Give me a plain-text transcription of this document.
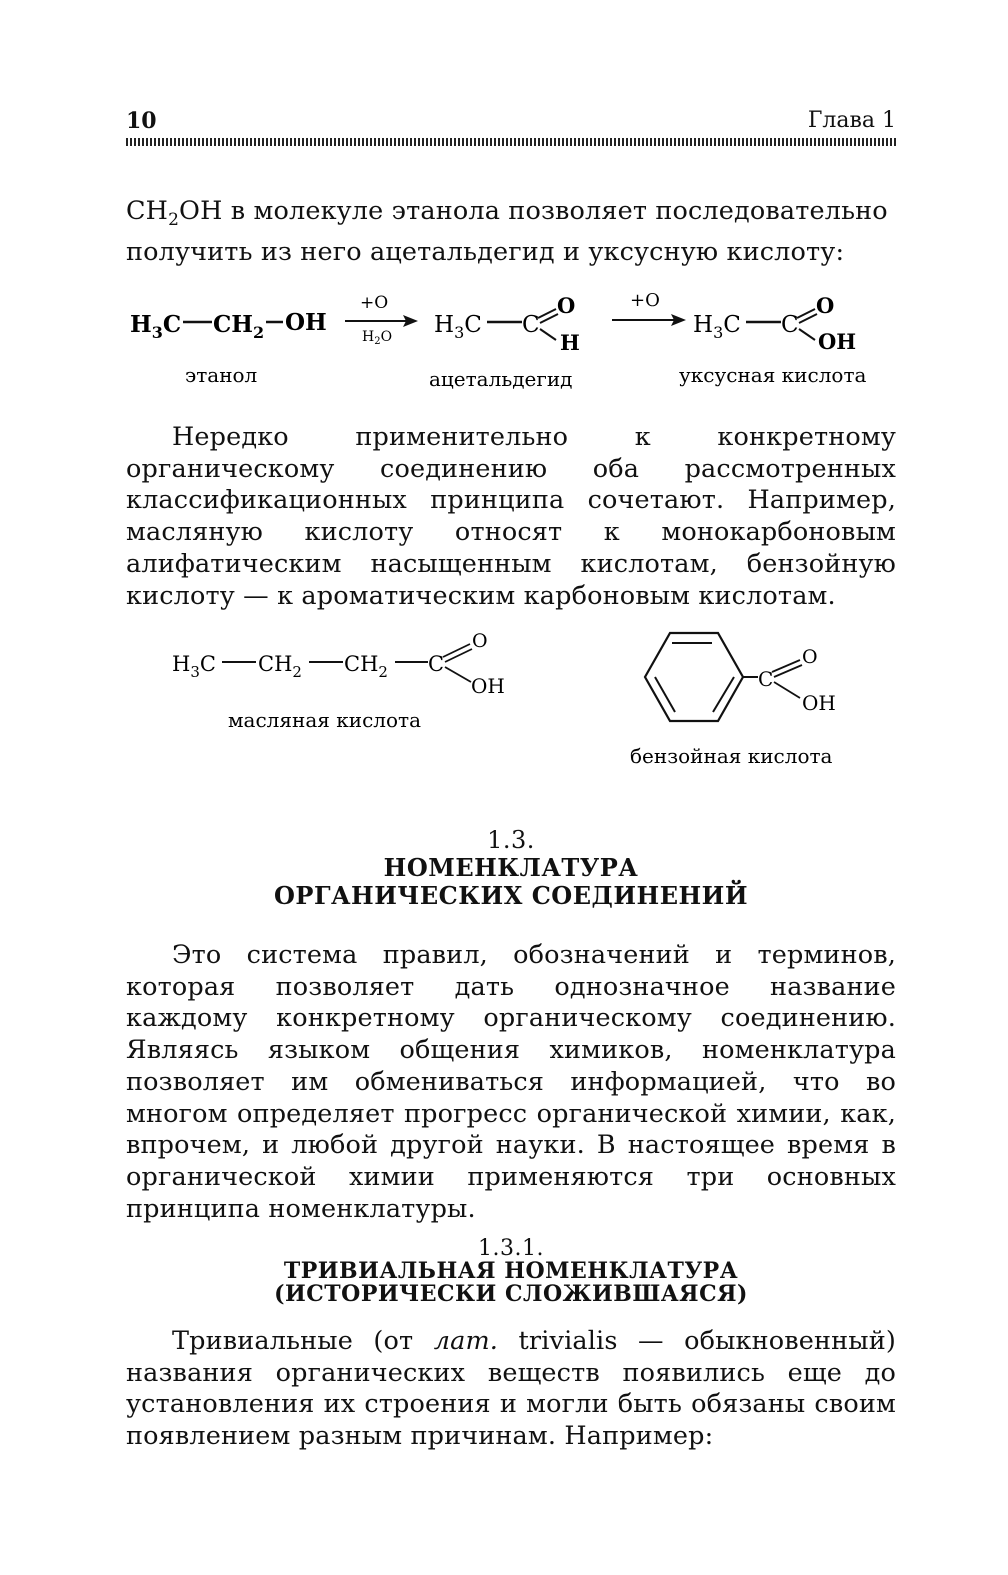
10	Глава 1

$CH_2OH$ в молекуле этанола позволяет последовательно

получить из него ацетальдегид и уксусную кислоту:

$H_3C$ $CH_2$ OH
+O
$H_2O$ $H_3C$ C
O
H
+O
$H_3C$ C
O
OH
этанол	ацетальдегид	уксусная кислота
$H_3C$ $CH_2$ $CH_2$ C
O
OH
масляная кислота
C
O
OH
бензойная кислота
Нередко применительно к конкретному органическому соединению оба рассмотренных классификационных принципа сочетают. Например, масляную кислоту относят к монокарбоновым алифатическим насыщенным кислотам, бензойную кислоту — к ароматическим карбоновым кислотам.
1.3.
НОМЕНКЛАТУРА
ОРГАНИЧЕСКИХ СОЕДИНЕНИЙ
Это система правил, обозначений и терминов, которая позволяет дать однозначное название каждому конкретному органическому соединению. Являясь языком общения химиков, номенклатура позволяет им обмениваться информацией, что во многом определяет прогресс органической химии, как, впрочем, и любой другой науки. В настоящее время в органической химии применяются три основных принципа номенклатуры.
1.3.1.
ТРИВИАЛЬНАЯ НОМЕНКЛАТУРА
(ИСТОРИЧЕСКИ СЛОЖИВШАЯСЯ)
Тривиальные (от лат. trivialis — обыкновенный) названия органических веществ появились еще до установления их строения и могли быть обязаны своим появлением разным причинам. Например:
